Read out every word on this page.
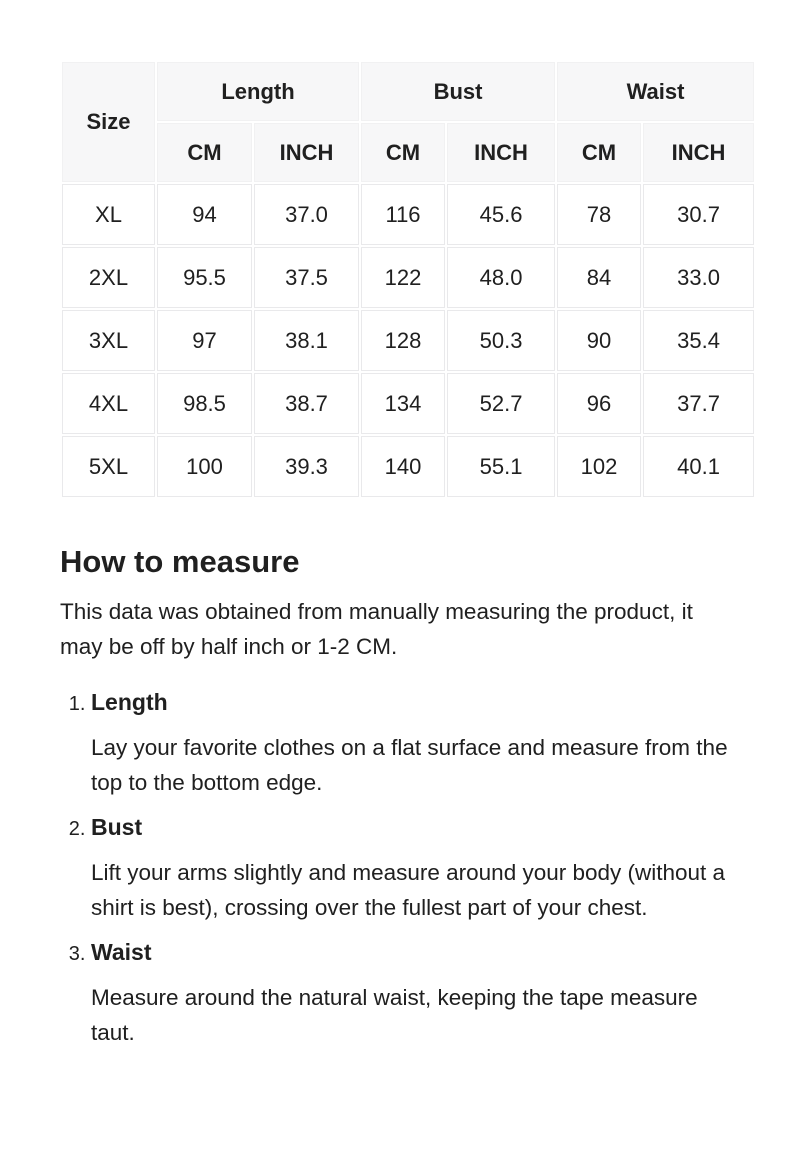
Size	Length		Bust		Waist	
	CM	INCH	CM	INCH	CM	INCH
XL	94	37.0	116	45.6	78	30.7
2XL	95.5	37.5	122	48.0	84	33.0
3XL	97	38.1	128	50.3	90	35.4
4XL	98.5	38.7	134	52.7	96	37.7
5XL	100	39.3	140	55.1	102	40.1
How to measure

This data was obtained from manually measuring the product, it may be off by half inch or 1-2 CM.

1. Length
Lay your favorite clothes on a flat surface and measure from the top to the bottom edge.
2. Bust
Lift your arms slightly and measure around your body (without a shirt is best), crossing over the fullest part of your chest.
3. Waist
Measure around the natural waist, keeping the tape measure taut.
